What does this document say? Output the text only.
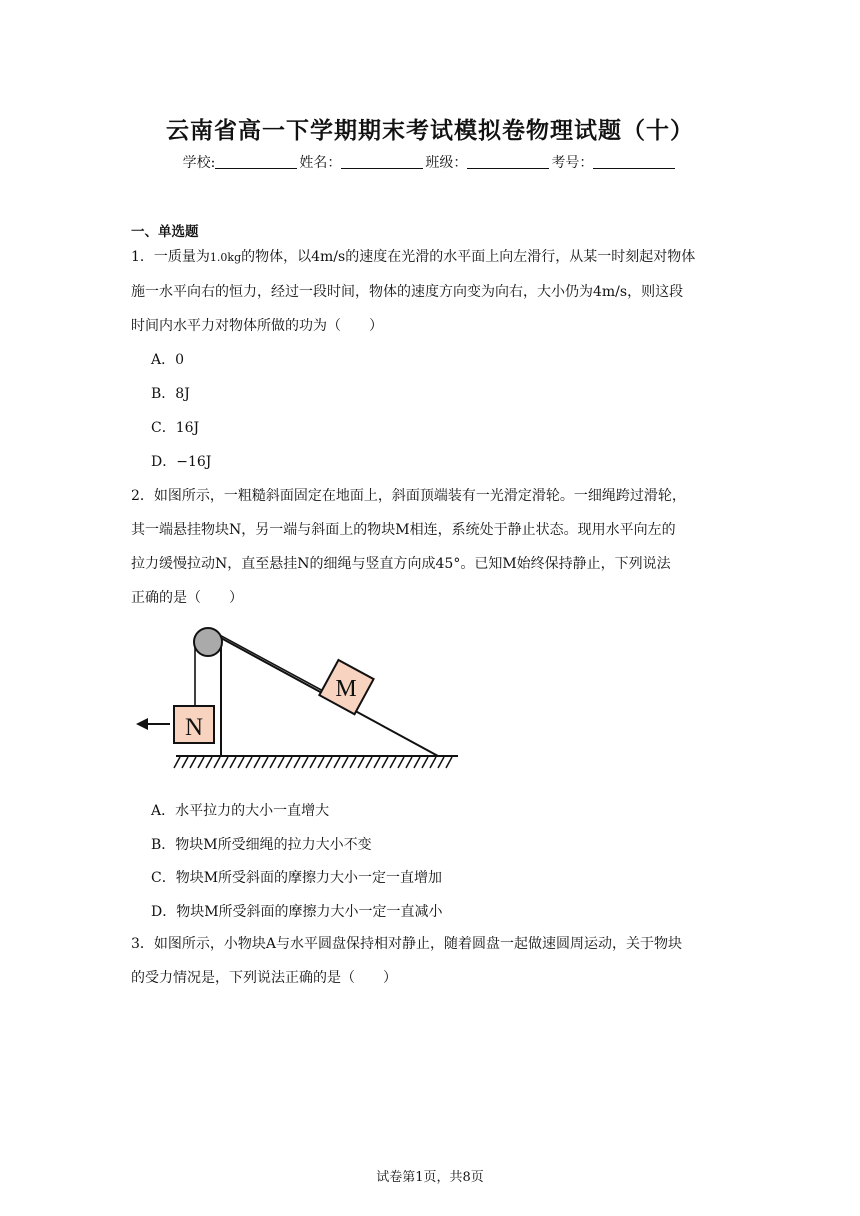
云南省高一下学期期末考试模拟卷物理试题（十）
学校:	姓名：	班级：	考号：
一、单选题
1．一质量为1.0kg的物体，以4m/s的速度在光滑的水平面上向左滑行，从某一时刻起对物体
施一水平向右的恒力，经过一段时间，物体的速度方向变为向右，大小仍为4m/s，则这段
时间内水平力对物体所做的功为（　　）
A．0
B．8J
C．16J
D．−16J
2．如图所示，一粗糙斜面固定在地面上，斜面顶端装有一光滑定滑轮。一细绳跨过滑轮，
其一端悬挂物块N，另一端与斜面上的物块M相连，系统处于静止状态。现用水平向左的
拉力缓慢拉动N，直至悬挂N的细绳与竖直方向成45°。已知M始终保持静止，下列说法
正确的是（　　）
M
N
A．水平拉力的大小一直增大
B．物块M所受细绳的拉力大小不变
C．物块M所受斜面的摩擦力大小一定一直增加
D．物块M所受斜面的摩擦力大小一定一直减小
3．如图所示，小物块A与水平圆盘保持相对静止，随着圆盘一起做速圆周运动，关于物块
的受力情况是，下列说法正确的是（　　）
试卷第1页，共8页
